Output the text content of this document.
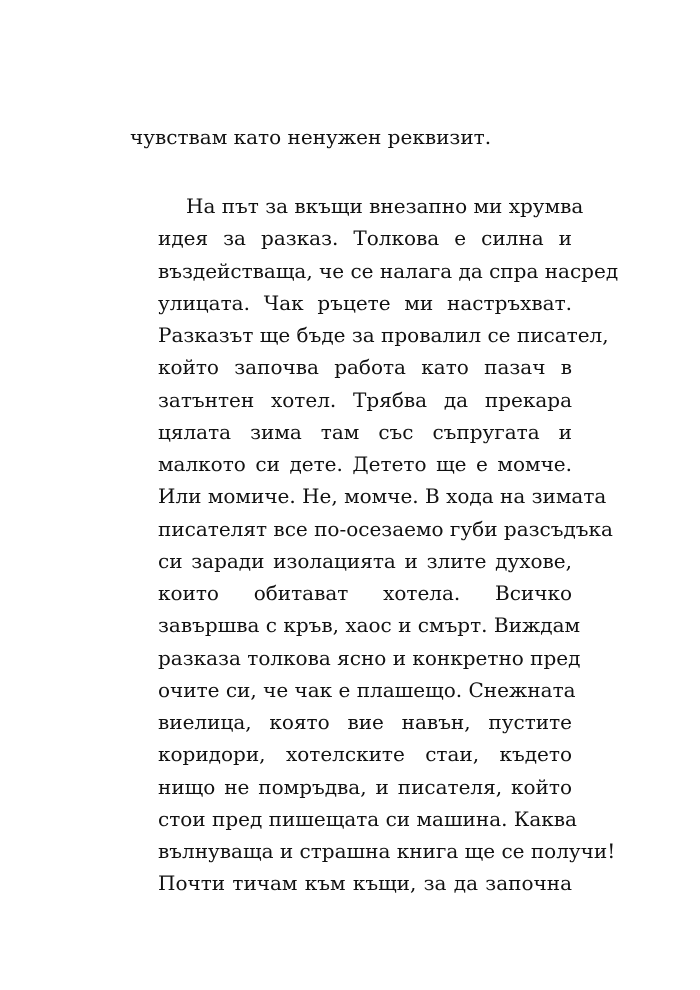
чувствам като ненужен реквизит.
На път за вкъщи внезапно ми хрумва
идея за разказ. Толкова е силна и
въздействаща, че се налага да спра насред
улицата. Чак ръцете ми настръхват.
Разказът ще бъде за провалил се писател,
който започва работа като пазач в
затънтен хотел. Трябва да прекара
цялата зима там със съпругата и
малкото си дете. Детето ще е момче.
Или момиче. Не, момче. В хода на зимата
писателят все по-осезаемо губи разсъдъка
си заради изолацията и злите духове,
които обитават хотела. Всичко
завършва с кръв, хаос и смърт. Виждам
разказа толкова ясно и конкретно пред
очите си, че чак е плашещо. Снежната
виелица, която вие навън, пустите
коридори, хотелските стаи, където
нищо не помръдва, и писателя, който
стои пред пишещата си машина. Каква
вълнуваща и страшна книга ще се получи!
Почти тичам към къщи, за да започна
